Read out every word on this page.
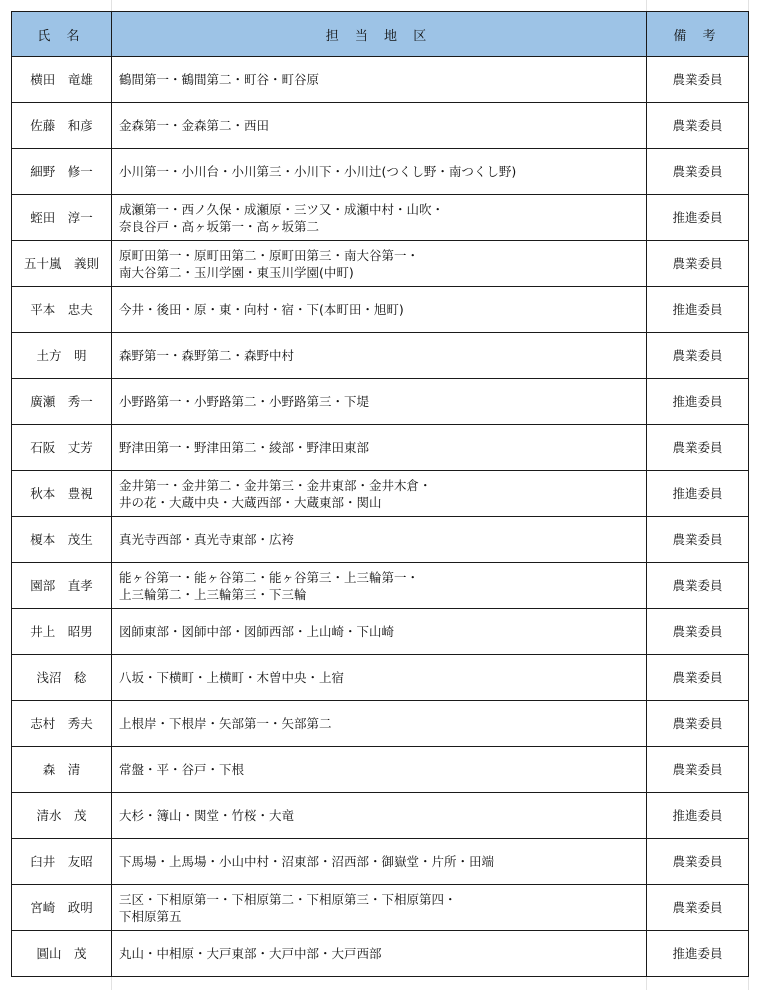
氏 名	担 当 地 区	備 考
横田　竜雄	鶴間第一・鶴間第二・町谷・町谷原	農業委員
佐藤　和彦	金森第一・金森第二・西田	農業委員
細野　修一	小川第一・小川台・小川第三・小川下・小川辻(つくし野・南つくし野)	農業委員
蛭田　淳一	成瀬第一・西ノ久保・成瀬原・三ツ又・成瀬中村・山吹・
奈良谷戸・高ヶ坂第一・高ヶ坂第二	推進委員
五十嵐　義則	原町田第一・原町田第二・原町田第三・南大谷第一・
南大谷第二・玉川学園・東玉川学園(中町)	農業委員
平本　忠夫	今井・後田・原・東・向村・宿・下(本町田・旭町)	推進委員
土方　明	森野第一・森野第二・森野中村	農業委員
廣瀬　秀一	小野路第一・小野路第二・小野路第三・下堤	推進委員
石阪　丈芳	野津田第一・野津田第二・綾部・野津田東部	農業委員
秋本　豊視	金井第一・金井第二・金井第三・金井東部・金井木倉・
井の花・大蔵中央・大蔵西部・大蔵東部・関山	推進委員
榎本　茂生	真光寺西部・真光寺東部・広袴	農業委員
園部　直孝	能ヶ谷第一・能ヶ谷第二・能ヶ谷第三・上三輪第一・
上三輪第二・上三輪第三・下三輪	農業委員
井上　昭男	図師東部・図師中部・図師西部・上山崎・下山崎	農業委員
浅沼　稔	八坂・下横町・上横町・木曽中央・上宿	農業委員
志村　秀夫	上根岸・下根岸・矢部第一・矢部第二	農業委員
森　清	常盤・平・谷戸・下根	農業委員
清水　茂	大杉・簿山・関堂・竹桜・大竜	推進委員
臼井　友昭	下馬場・上馬場・小山中村・沼東部・沼西部・御嶽堂・片所・田端	農業委員
宮崎　政明	三区・下相原第一・下相原第二・下相原第三・下相原第四・
下相原第五	農業委員
圓山　茂	丸山・中相原・大戸東部・大戸中部・大戸西部	推進委員
